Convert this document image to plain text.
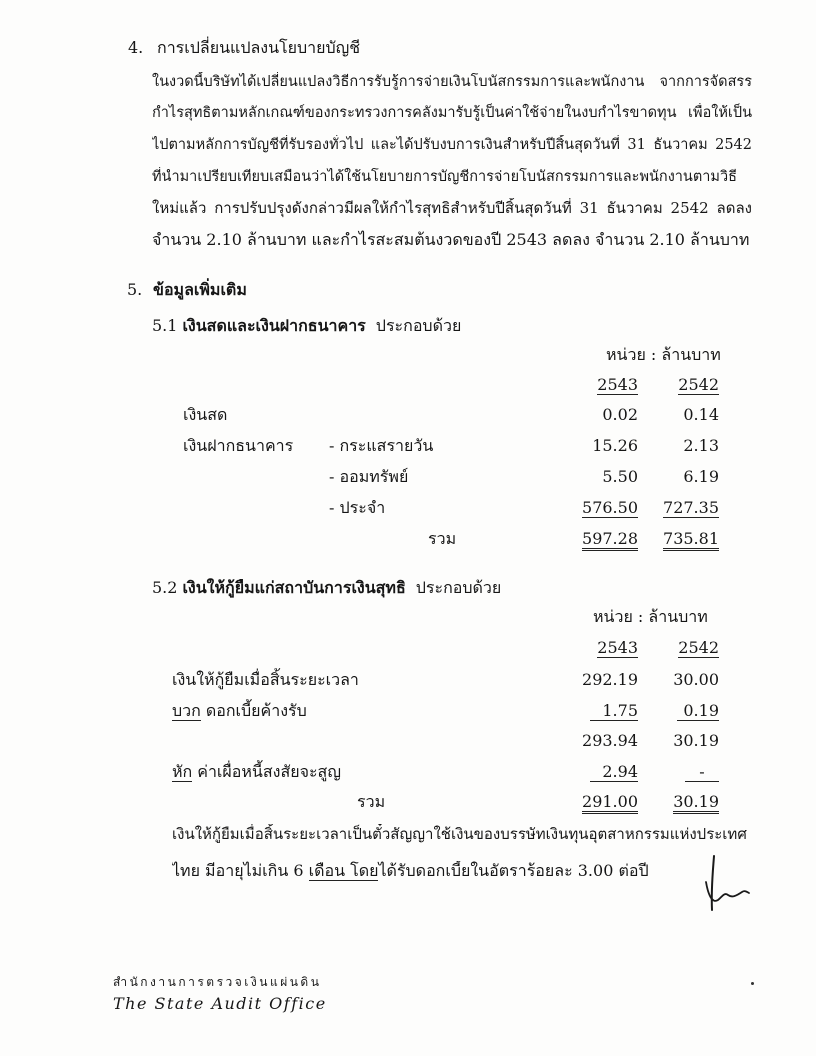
4. การเปลี่ยนแปลงนโยบายบัญชี
ในงวดนี้บริษัทได้เปลี่ยนแปลงวิธีการรับรู้การจ่ายเงินโบนัสกรรมการและพนักงาน จากการจัดสรร
กำไรสุทธิตามหลักเกณฑ์ของกระทรวงการคลังมารับรู้เป็นค่าใช้จ่ายในงบกำไรขาดทุน เพื่อให้เป็น
ไปตามหลักการบัญชีที่รับรองทั่วไป และได้ปรับงบการเงินสำหรับปีสิ้นสุดวันที่ 31 ธันวาคม 2542
ที่นำมาเปรียบเทียบเสมือนว่าได้ใช้นโยบายการบัญชีการจ่ายโบนัสกรรมการและพนักงานตามวิธี
ใหม่แล้ว การปรับปรุงดังกล่าวมีผลให้กำไรสุทธิสำหรับปีสิ้นสุดวันที่ 31 ธันวาคม 2542 ลดลง
จำนวน 2.10 ล้านบาท และกำไรสะสมต้นงวดของปี 2543 ลดลง จำนวน 2.10 ล้านบาท
5. ข้อมูลเพิ่มเติม
5.1 เงินสดและเงินฝากธนาคาร ประกอบด้วย
หน่วย : ล้านบาท
2543	2542
เงินสด	0.02	0.14
เงินฝากธนาคาร - กระแสรายวัน	15.26	2.13
- ออมทรัพย์	5.50	6.19
- ประจำ	576.50	727.35
รวม	597.28	735.81
5.2 เงินให้กู้ยืมแก่สถาบันการเงินสุทธิ ประกอบด้วย
หน่วย : ล้านบาท
2543	2542
เงินให้กู้ยืมเมื่อสิ้นระยะเวลา	292.19	30.00
บวก ดอกเบี้ยค้างรับ	1.75	0.19
293.94	30.19
หัก ค่าเผื่อหนี้สงสัยจะสูญ	2.94	-
รวม	291.00	30.19
เงินให้กู้ยืมเมื่อสิ้นระยะเวลาเป็นตั๋วสัญญาใช้เงินของบรรษัทเงินทุนอุตสาหกรรมแห่งประเทศ
ไทย มีอายุไม่เกิน 6 เดือน โดยได้รับดอกเบี้ยในอัตราร้อยละ 3.00 ต่อปี
สำนักงานการตรวจเงินแผ่นดิน
The State Audit Office
